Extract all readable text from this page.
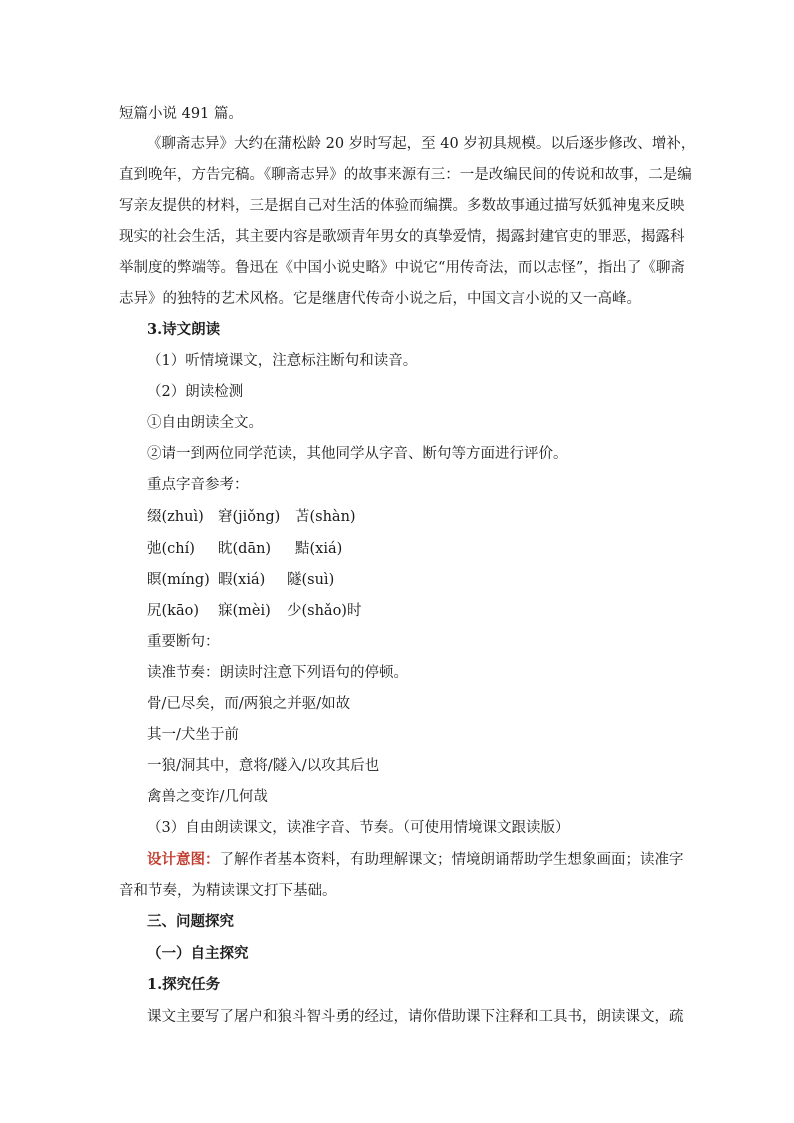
短篇小说 491 篇。
《聊斋志异》大约在蒲松龄 20 岁时写起，至 40 岁初具规模。以后逐步修改、增补，
直到晚年，方告完稿。《聊斋志异》的故事来源有三：一是改编民间的传说和故事，二是编
写亲友提供的材料，三是据自己对生活的体验而编撰。多数故事通过描写妖狐神鬼来反映
现实的社会生活，其主要内容是歌颂青年男女的真挚爱情，揭露封建官吏的罪恶，揭露科
举制度的弊端等。鲁迅在《中国小说史略》中说它“用传奇法，而以志怪”，指出了《聊斋
志异》的独特的艺术风格。它是继唐代传奇小说之后，中国文言小说的又一高峰。
3.诗文朗读
（1）听情境课文，注意标注断句和读音。
（2）朗读检测
①自由朗读全文。
②请一到两位同学范读，其他同学从字音、断句等方面进行评价。
重点字音参考：
缀(zhuì) 窘(jiǒng) 苫(shàn)
弛(chí) 眈(dān) 黠(xiá)
瞑(míng) 暇(xiá) 隧(suì)
尻(kāo) 寐(mèi) 少(shǎo)时
重要断句：
读准节奏：朗读时注意下列语句的停顿。
骨/已尽矣，而/两狼之并驱/如故
其一/犬坐于前
一狼/洞其中，意将/隧入/以攻其后也
禽兽之变诈/几何哉
（3）自由朗读课文，读准字音、节奏。（可使用情境课文跟读版）
设计意图：了解作者基本资料，有助理解课文；情境朗诵帮助学生想象画面；读准字
音和节奏，为精读课文打下基础。
三、问题探究
（一）自主探究
1.探究任务
课文主要写了屠户和狼斗智斗勇的经过，请你借助课下注释和工具书，朗读课文，疏
